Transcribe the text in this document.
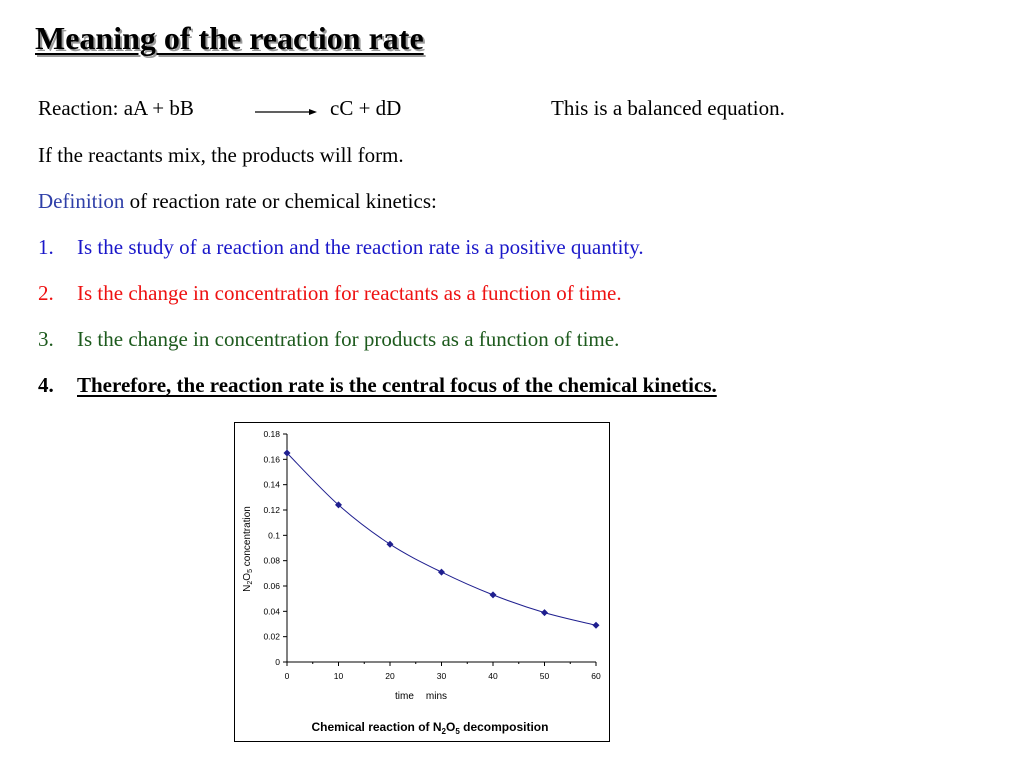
Meaning of the reaction rate
Reaction: aA + bB	→ cC + dD	This is a balanced equation.
If the reactants mix, the products will form.
Definition of reaction rate or chemical kinetics:
1. Is the study of a reaction and the reaction rate is a positive quantity.
2. Is the change in concentration for reactants as a function of time.
3. Is the change in concentration for products as a function of time.
4. Therefore, the reaction rate is the central focus of the chemical kinetics.
0
0.02
0.04
0.06
0.08
0.1
0.12
0.14
0.16
0.18
0	10	20	30	40	50	60
$N_2O_5$ concentration
time mins
Chemical reaction of $N_2O_5$ decomposition
